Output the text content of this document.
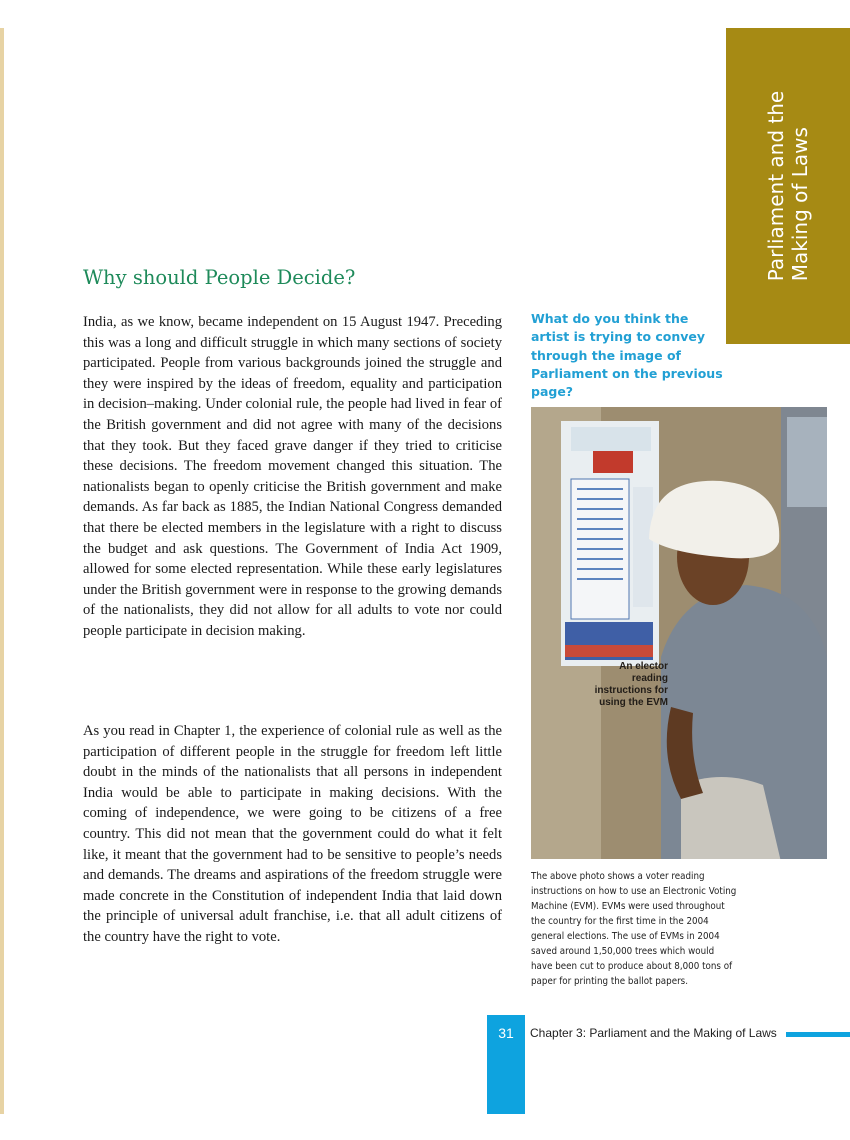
Parliament and the Making of Laws
Why should People Decide?

India, as we know, became independent on 15 August 1947. Preceding this was a long and difficult struggle in which many sections of society participated. People from various backgrounds joined the struggle and they were inspired by the ideas of freedom, equality and participation in decision–making. Under colonial rule, the people had lived in fear of the British government and did not agree with many of the decisions that they took. But they faced grave danger if they tried to criticise these decisions. The freedom movement changed this situation. The nationalists began to openly criticise the British government and make demands. As far back as 1885, the Indian National Congress demanded that there be elected members in the legislature with a right to discuss the budget and ask questions. The Government of India Act 1909, allowed for some elected representation. While these early legislatures under the British government were in response to the growing demands of the nationalists, they did not allow for all adults to vote nor could people participate in decision making.

As you read in Chapter 1, the experience of colonial rule as well as the participation of different people in the struggle for freedom left little doubt in the minds of the nationalists that all persons in independent India would be able to participate in making decisions. With the coming of independence, we were going to be citizens of a free country. This did not mean that the government could do what it felt like, it meant that the government had to be sensitive to people’s needs and demands. The dreams and aspirations of the freedom struggle were made concrete in the Constitution of independent India that laid down the principle of universal adult franchise, i.e. that all adult citizens of the country have the right to vote.

What do you think the artist is trying to convey through the image of Parliament on the previous page?
An elector
reading
instructions for
using the EVM
The above photo shows a voter reading
instructions on how to use an Electronic Voting
Machine (EVM). EVMs were used throughout
the country for the first time in the 2004
general elections. The use of EVMs in 2004
saved around 1,50,000 trees which would
have been cut to produce about 8,000 tons of
paper for printing the ballot papers.
31	Chapter 3: Parliament and the Making of Laws
